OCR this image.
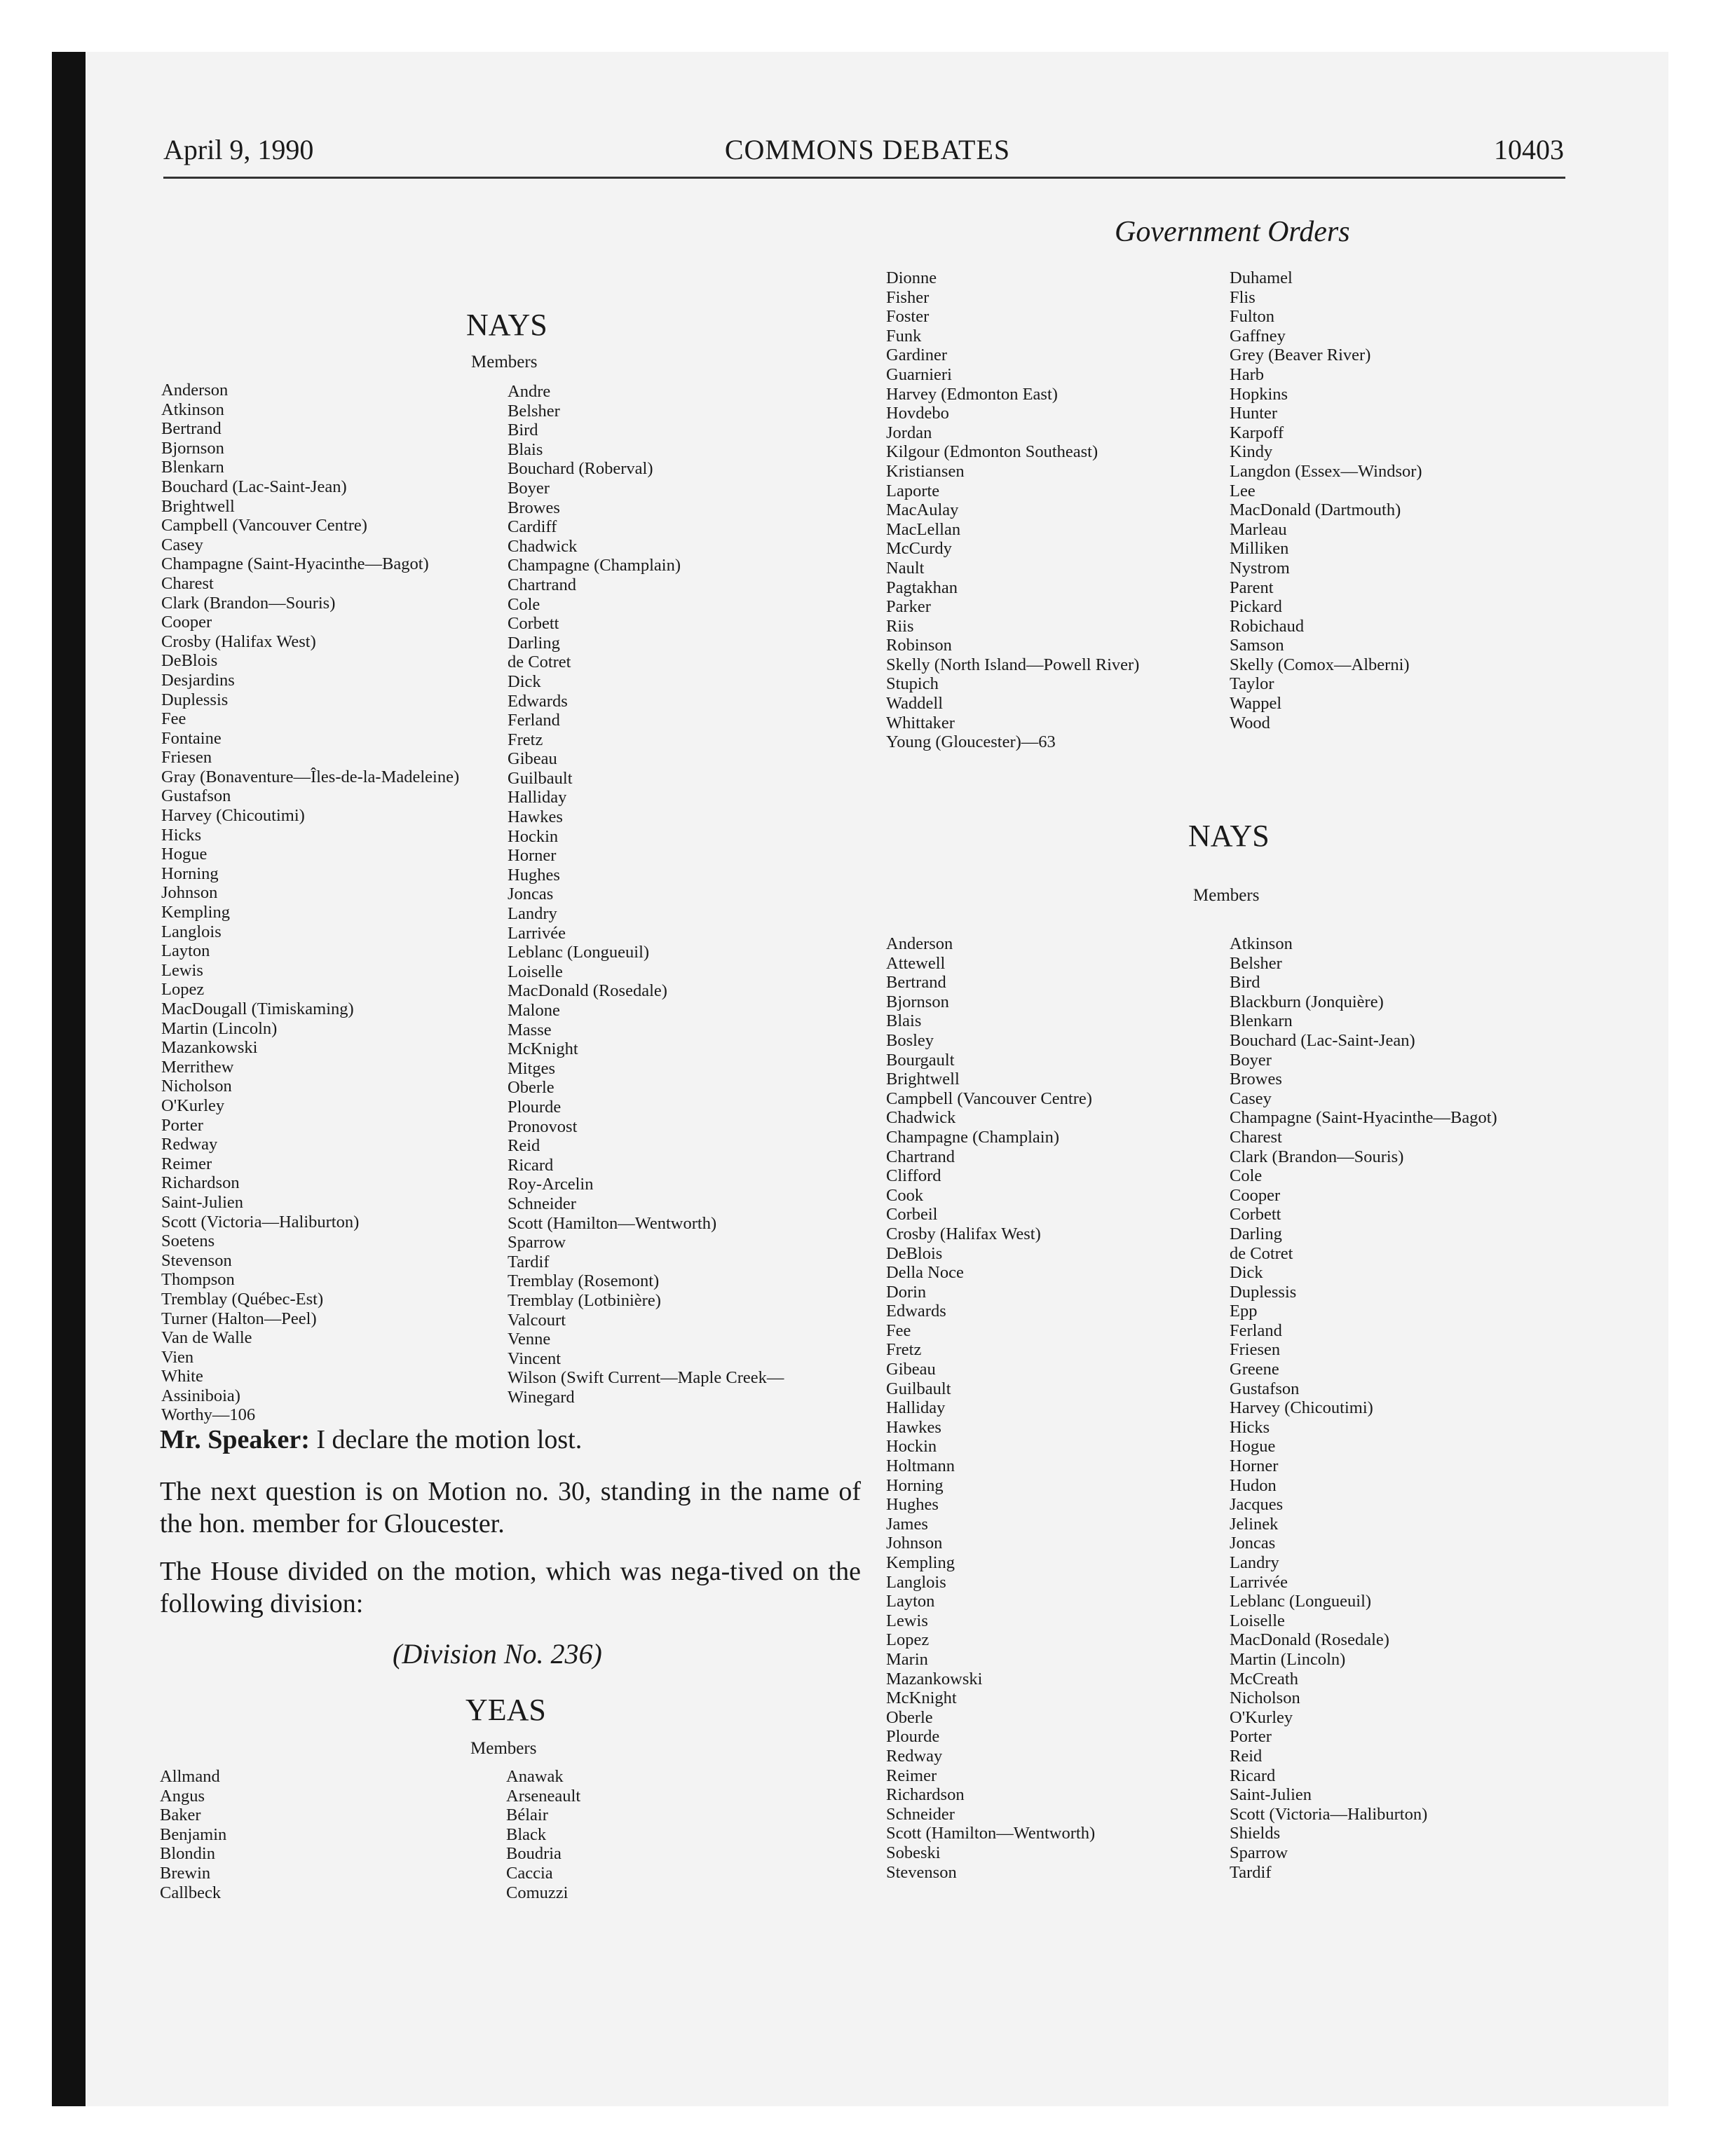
April 9, 1990	COMMONS DEBATES	10403
Government Orders
NAYS
Members
Anderson
Atkinson
Bertrand
Bjornson
Blenkarn
Bouchard (Lac-Saint-Jean)
Brightwell
Campbell (Vancouver Centre)
Casey
Champagne (Saint-Hyacinthe—Bagot)
Charest
Clark (Brandon—Souris)
Cooper
Crosby (Halifax West)
DeBlois
Desjardins
Duplessis
Fee
Fontaine
Friesen
Gray (Bonaventure—Îles-de-la-Madeleine)
Gustafson
Harvey (Chicoutimi)
Hicks
Hogue
Horning
Johnson
Kempling
Langlois
Layton
Lewis
Lopez
MacDougall (Timiskaming)
Martin (Lincoln)
Mazankowski
Merrithew
Nicholson
O'Kurley
Porter
Redway
Reimer
Richardson
Saint-Julien
Scott (Victoria—Haliburton)
Soetens
Stevenson
Thompson
Tremblay (Québec-Est)
Turner (Halton—Peel)
Van de Walle
Vien
White
Assiniboia)
Worthy—106
Andre
Belsher
Bird
Blais
Bouchard (Roberval)
Boyer
Browes
Cardiff
Chadwick
Champagne (Champlain)
Chartrand
Cole
Corbett
Darling
de Cotret
Dick
Edwards
Ferland
Fretz
Gibeau
Guilbault
Halliday
Hawkes
Hockin
Horner
Hughes
Joncas
Landry
Larrivée
Leblanc (Longueuil)
Loiselle
MacDonald (Rosedale)
Malone
Masse
McKnight
Mitges
Oberle
Plourde
Pronovost
Reid
Ricard
Roy-Arcelin
Schneider
Scott (Hamilton—Wentworth)
Sparrow
Tardif
Tremblay (Rosemont)
Tremblay (Lotbinière)
Valcourt
Venne
Vincent
Wilson (Swift Current—Maple Creek—
Winegard

Mr. Speaker: I declare the motion lost.

The next question is on Motion no. 30, standing in the name of the hon. member for Gloucester.

The House divided on the motion, which was nega-tived on the following division:

(Division No. 236)
YEAS
Members
Allmand
Angus
Baker
Benjamin
Blondin
Brewin
Callbeck
Anawak
Arseneault
Bélair
Black
Boudria
Caccia
Comuzzi
Dionne
Fisher
Foster
Funk
Gardiner
Guarnieri
Harvey (Edmonton East)
Hovdebo
Jordan
Kilgour (Edmonton Southeast)
Kristiansen
Laporte
MacAulay
MacLellan
McCurdy
Nault
Pagtakhan
Parker
Riis
Robinson
Skelly (North Island—Powell River)
Stupich
Waddell
Whittaker
Young (Gloucester)—63
Duhamel
Flis
Fulton
Gaffney
Grey (Beaver River)
Harb
Hopkins
Hunter
Karpoff
Kindy
Langdon (Essex—Windsor)
Lee
MacDonald (Dartmouth)
Marleau
Milliken
Nystrom
Parent
Pickard
Robichaud
Samson
Skelly (Comox—Alberni)
Taylor
Wappel
Wood
NAYS
Members
Anderson
Attewell
Bertrand
Bjornson
Blais
Bosley
Bourgault
Brightwell
Campbell (Vancouver Centre)
Chadwick
Champagne (Champlain)
Chartrand
Clifford
Cook
Corbeil
Crosby (Halifax West)
DeBlois
Della Noce
Dorin
Edwards
Fee
Fretz
Gibeau
Guilbault
Halliday
Hawkes
Hockin
Holtmann
Horning
Hughes
James
Johnson
Kempling
Langlois
Layton
Lewis
Lopez
Marin
Mazankowski
McKnight
Oberle
Plourde
Redway
Reimer
Richardson
Schneider
Scott (Hamilton—Wentworth)
Sobeski
Stevenson
Atkinson
Belsher
Bird
Blackburn (Jonquière)
Blenkarn
Bouchard (Lac-Saint-Jean)
Boyer
Browes
Casey
Champagne (Saint-Hyacinthe—Bagot)
Charest
Clark (Brandon—Souris)
Cole
Cooper
Corbett
Darling
de Cotret
Dick
Duplessis
Epp
Ferland
Friesen
Greene
Gustafson
Harvey (Chicoutimi)
Hicks
Hogue
Horner
Hudon
Jacques
Jelinek
Joncas
Landry
Larrivée
Leblanc (Longueuil)
Loiselle
MacDonald (Rosedale)
Martin (Lincoln)
McCreath
Nicholson
O'Kurley
Porter
Reid
Ricard
Saint-Julien
Scott (Victoria—Haliburton)
Shields
Sparrow
Tardif
